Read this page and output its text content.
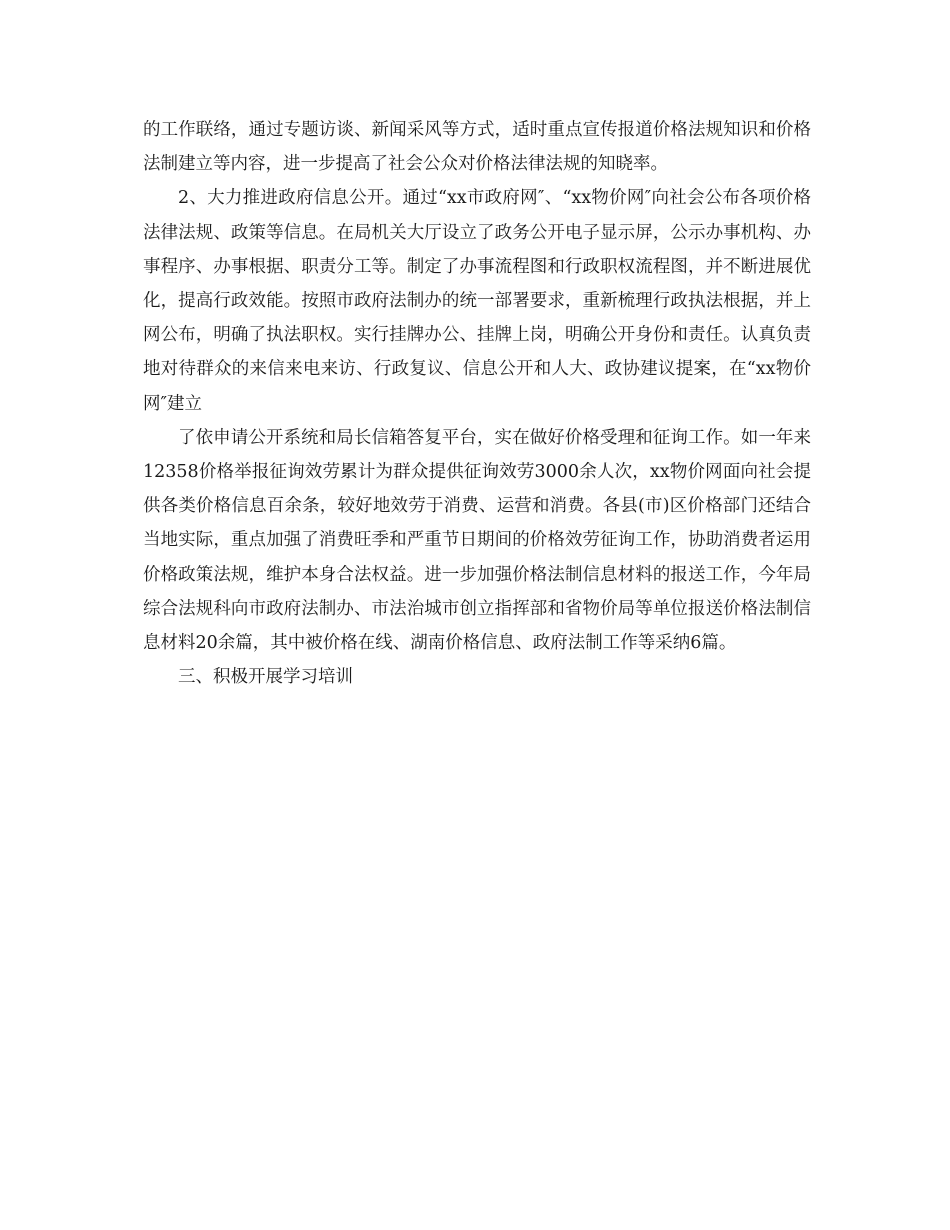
的工作联络，通过专题访谈、新闻采风等方式，适时重点宣传报道价格法规知识和价格法制建立等内容，进一步提高了社会公众对价格法律法规的知晓率。

2、大力推进政府信息公开。通过“xx市政府网″、“xx物价网″向社会公布各项价格法律法规、政策等信息。在局机关大厅设立了政务公开电子显示屏，公示办事机构、办事程序、办事根据、职责分工等。制定了办事流程图和行政职权流程图，并不断进展优化，提高行政效能。按照市政府法制办的统一部署要求，重新梳理行政执法根据，并上网公布，明确了执法职权。实行挂牌办公、挂牌上岗，明确公开身份和责任。认真负责地对待群众的来信来电来访、行政复议、信息公开和人大、政协建议提案，在“xx物价网″建立

了依申请公开系统和局长信箱答复平台，实在做好价格受理和征询工作。如一年来12358价格举报征询效劳累计为群众提供征询效劳3000余人次，xx物价网面向社会提供各类价格信息百余条，较好地效劳于消费、运营和消费。各县(市)区价格部门还结合当地实际，重点加强了消费旺季和严重节日期间的价格效劳征询工作，协助消费者运用价格政策法规，维护本身合法权益。进一步加强价格法制信息材料的报送工作，今年局综合法规科向市政府法制办、市法治城市创立指挥部和省物价局等单位报送价格法制信息材料20余篇，其中被价格在线、湖南价格信息、政府法制工作等采纳6篇。

三、积极开展学习培训
